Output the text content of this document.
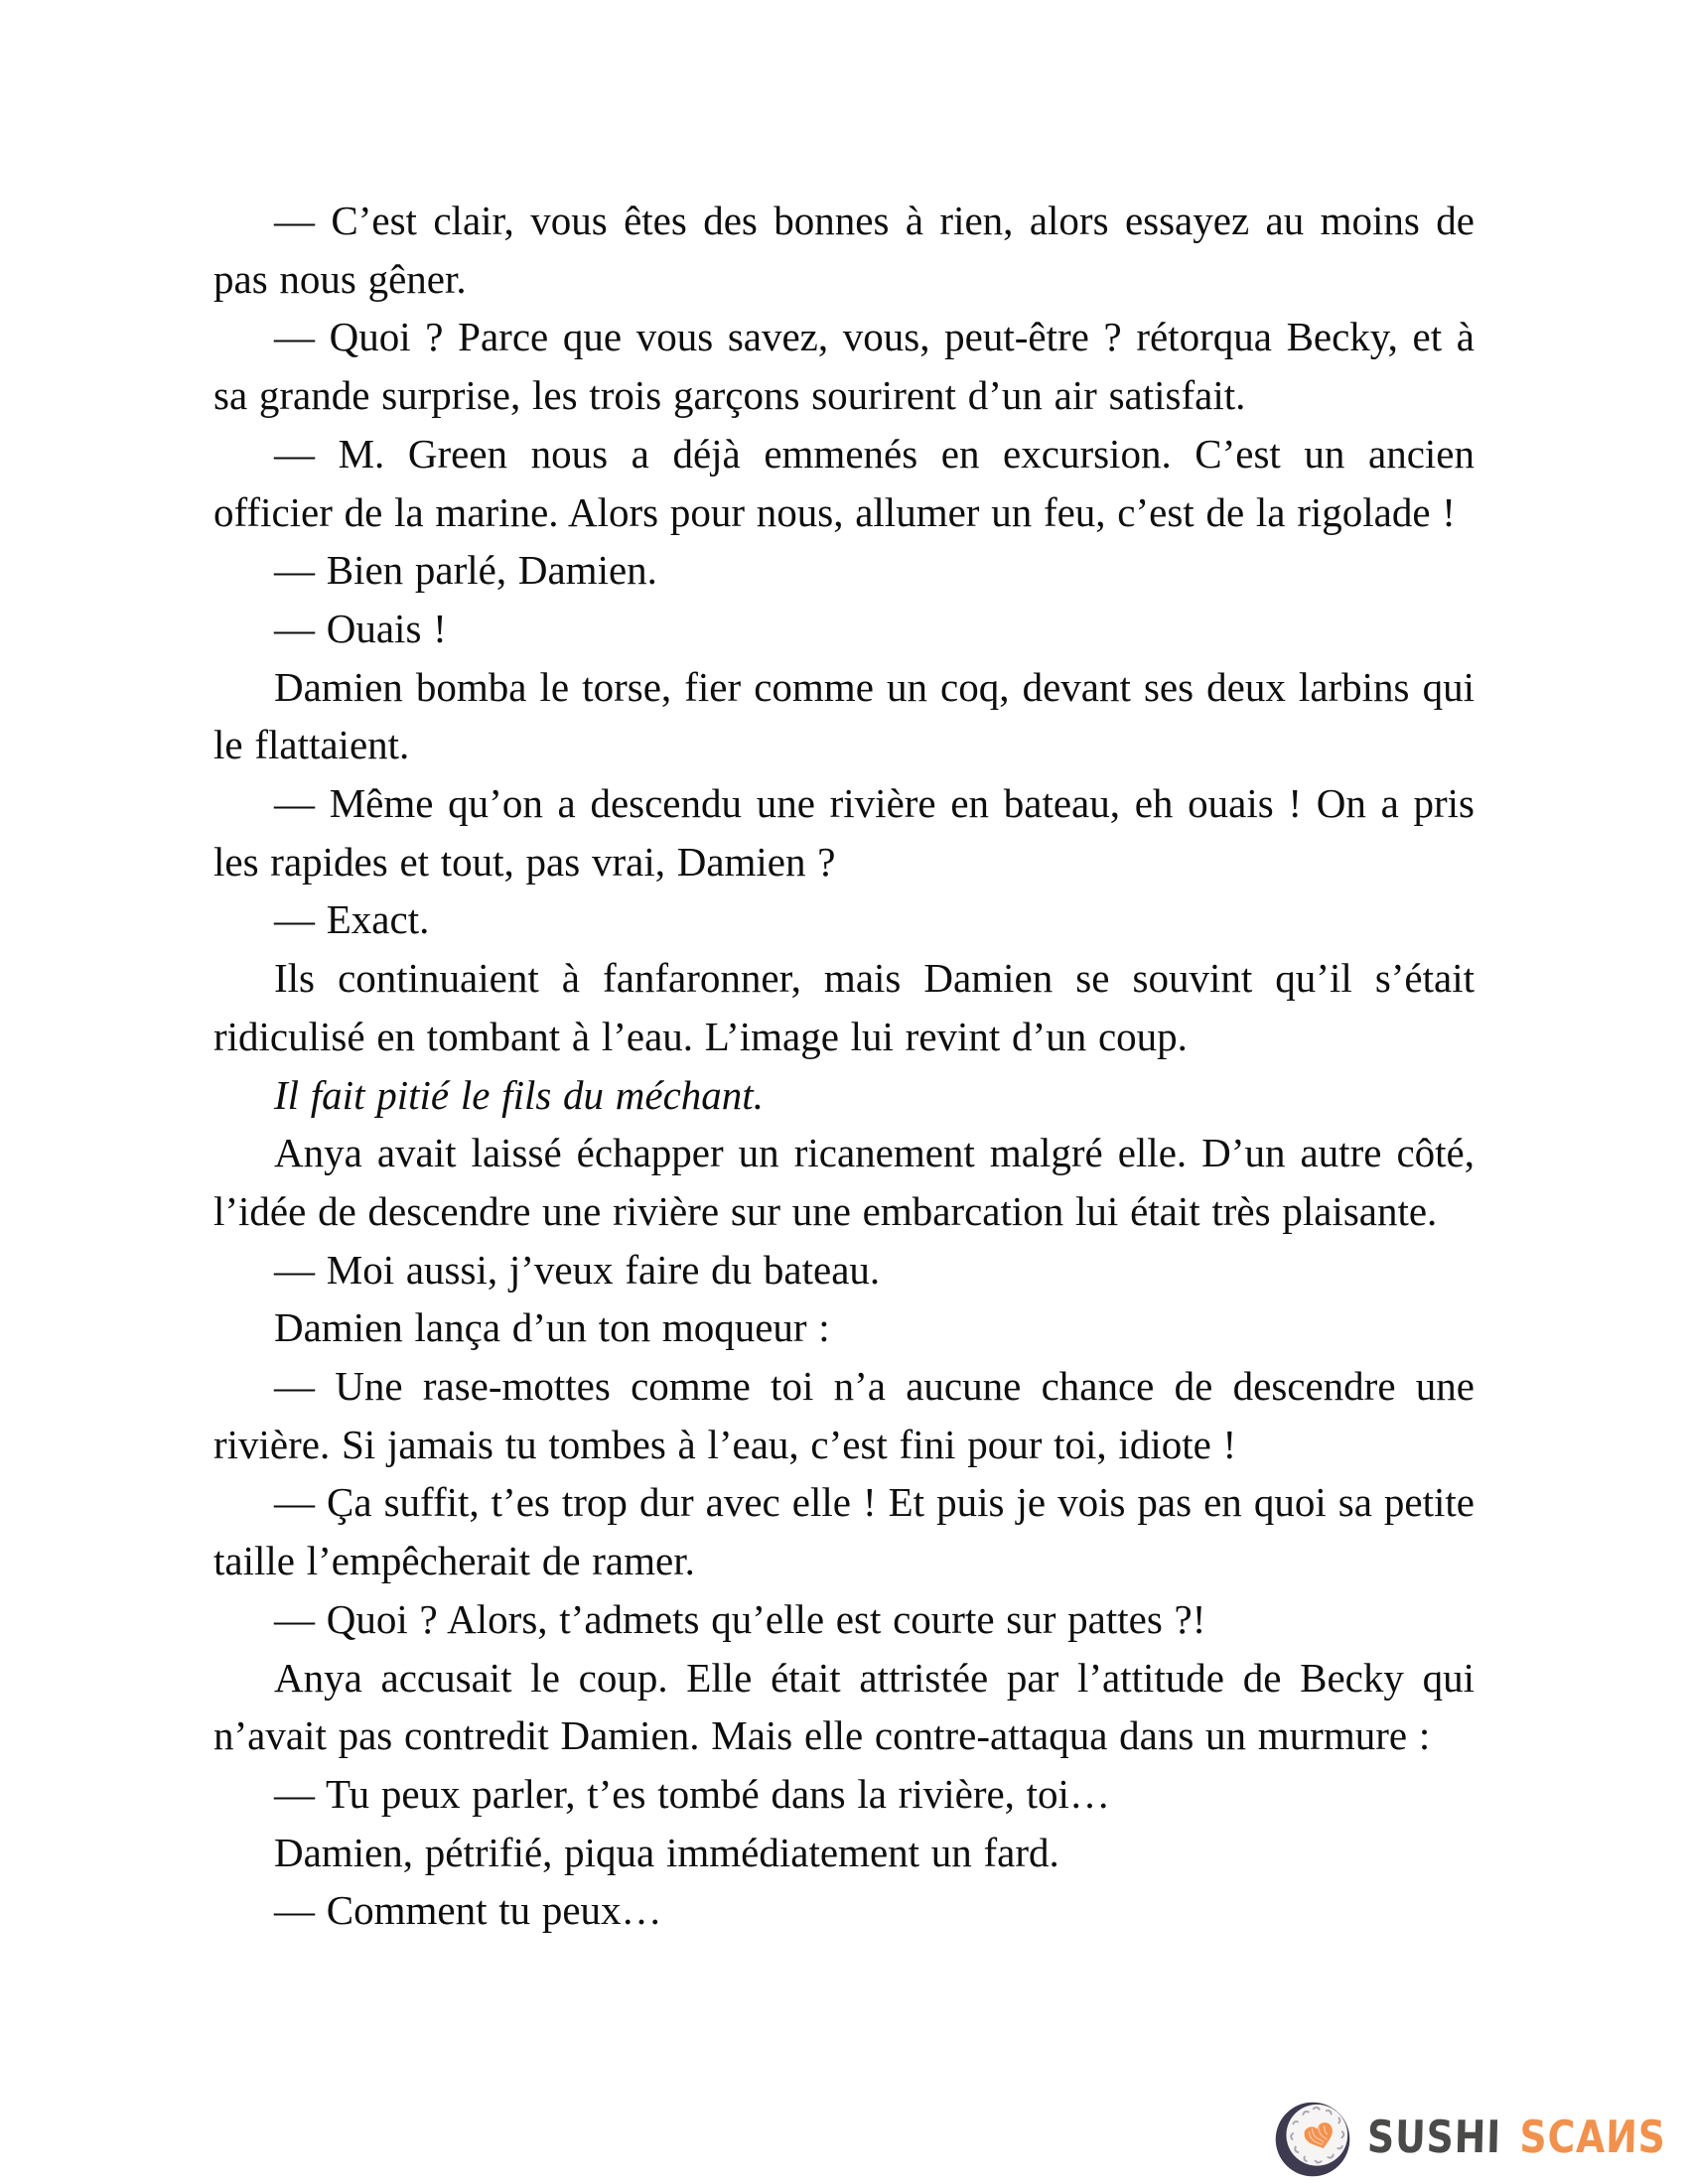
— C’est clair, vous êtes des bonnes à rien, alors essayez au moins de pas nous gêner.

— Quoi ? Parce que vous savez, vous, peut-être ? rétorqua Becky, et à sa grande surprise, les trois garçons sourirent d’un air satisfait.

— M. Green nous a déjà emmenés en excursion. C’est un ancien officier de la marine. Alors pour nous, allumer un feu, c’est de la rigolade !

— Bien parlé, Damien.

— Ouais !

Damien bomba le torse, fier comme un coq, devant ses deux larbins qui le flattaient.

— Même qu’on a descendu une rivière en bateau, eh ouais ! On a pris les rapides et tout, pas vrai, Damien ?

— Exact.

Ils continuaient à fanfaronner, mais Damien se souvint qu’il s’était ridiculisé en tombant à l’eau. L’image lui revint d’un coup.

Il fait pitié le fils du méchant.

Anya avait laissé échapper un ricanement malgré elle. D’un autre côté, l’idée de descendre une rivière sur une embarcation lui était très plaisante.

— Moi aussi, j’veux faire du bateau.

Damien lança d’un ton moqueur :

— Une rase-mottes comme toi n’a aucune chance de descendre une rivière. Si jamais tu tombes à l’eau, c’est fini pour toi, idiote !

— Ça suffit, t’es trop dur avec elle ! Et puis je vois pas en quoi sa petite taille l’empêcherait de ramer.

— Quoi ? Alors, t’admets qu’elle est courte sur pattes ?!

Anya accusait le coup. Elle était attristée par l’attitude de Becky qui n’avait pas contredit Damien. Mais elle contre-attaqua dans un murmure :

— Tu peux parler, t’es tombé dans la rivière, toi…

Damien, pétrifié, piqua immédiatement un fard.

— Comment tu peux…

SUSHI SCAИS
